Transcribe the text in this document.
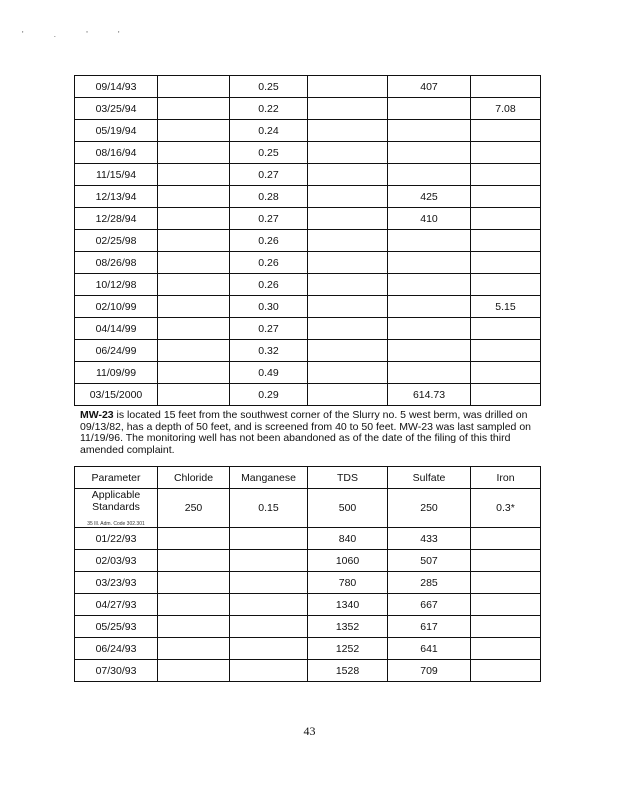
' . ' '
09/14/93		0.25		407	
03/25/94		0.22			7.08
05/19/94		0.24			
08/16/94		0.25			
11/15/94		0.27			
12/13/94		0.28		425	
12/28/94		0.27		410	
02/25/98		0.26			
08/26/98		0.26			
10/12/98		0.26			
02/10/99		0.30			5.15
04/14/99		0.27			
06/24/99		0.32			
11/09/99		0.49			
03/15/2000		0.29		614.73	
MW-23 is located 15 feet from the southwest corner of the Slurry no. 5 west berm, was drilled on 09/13/82, has a depth of 50 feet, and is screened from 40 to 50 feet. MW-23 was last sampled on 11/19/96. The monitoring well has not been abandoned as of the date of the filing of this third amended complaint.
Parameter	Chloride	Manganese	TDS	Sulfate	Iron

Applicable Standards
35 Ill. Adm. Code 302.301	250	0.15	500	250	0.3*
01/22/93			840	433	
02/03/93			1060	507	
03/23/93			780	285	
04/27/93			1340	667	
05/25/93			1352	617	
06/24/93			1252	641	
07/30/93			1528	709	
43
